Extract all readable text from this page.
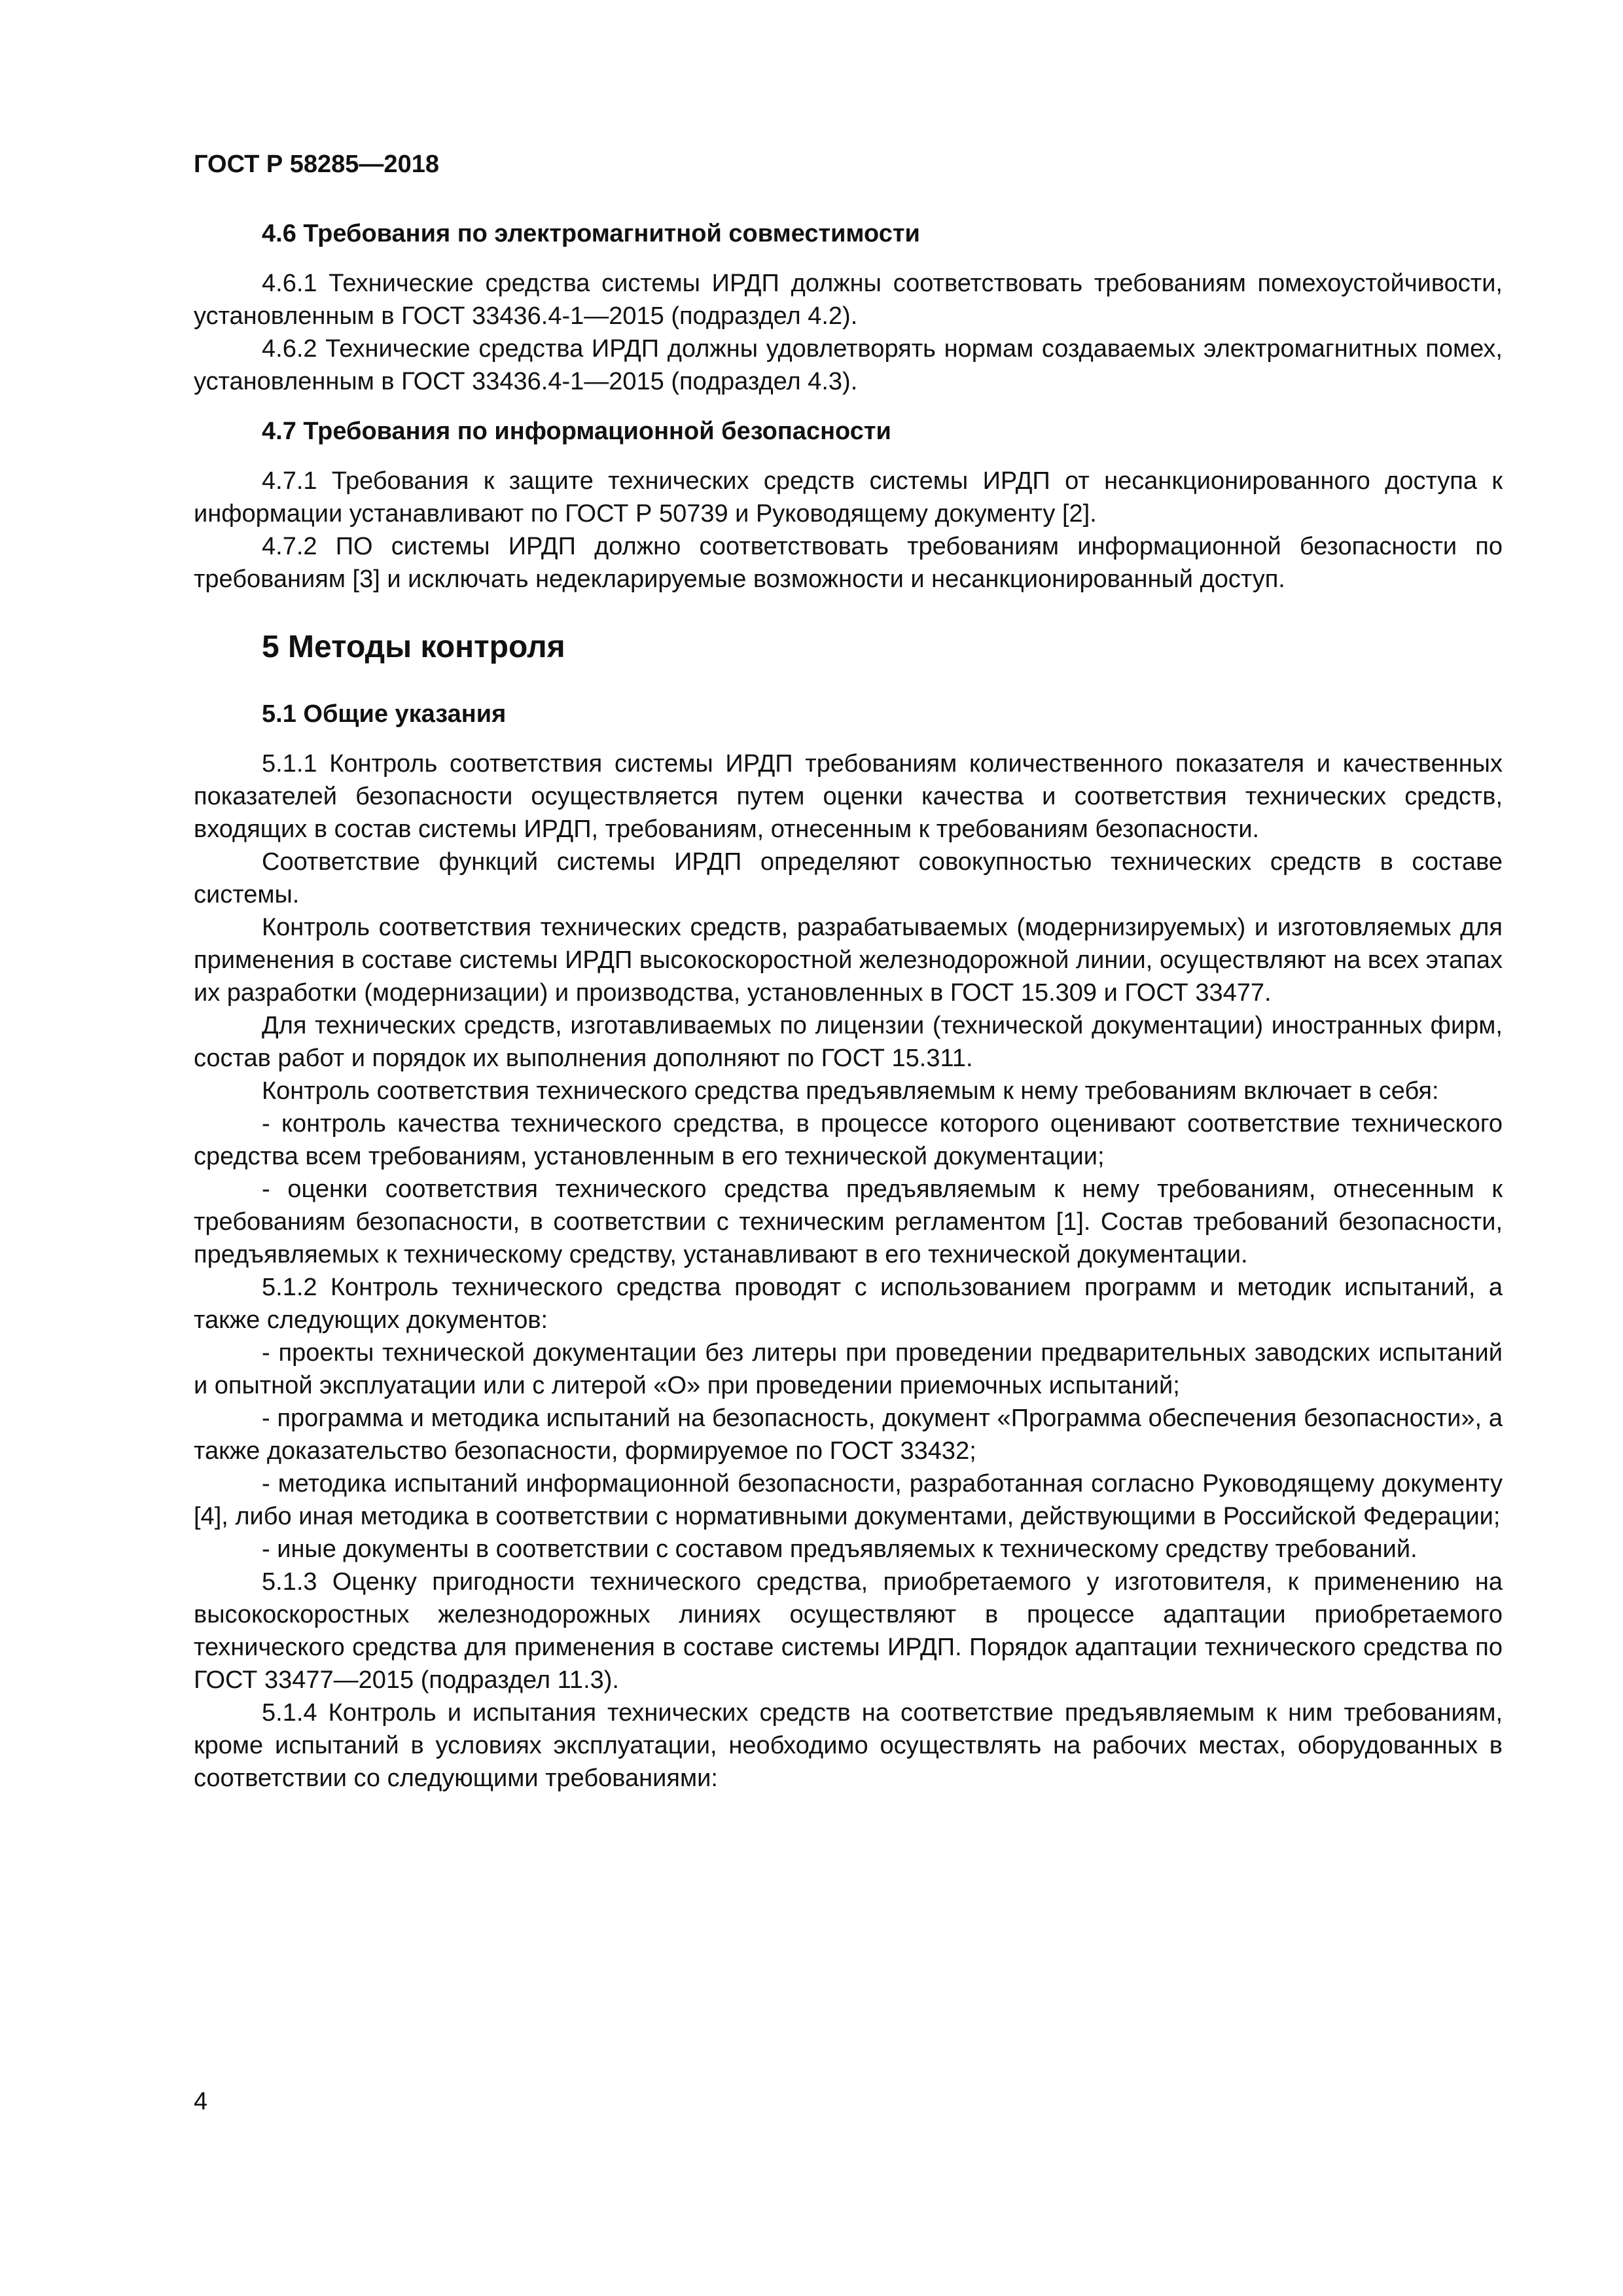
ГОСТ Р 58285—2018
4.6 Требования по электромагнитной совместимости

4.6.1 Технические средства системы ИРДП должны соответствовать требованиям помехоустойчивости, установленным в ГОСТ 33436.4-1—2015 (подраздел 4.2).

4.6.2 Технические средства ИРДП должны удовлетворять нормам создаваемых электромагнитных помех, установленным в ГОСТ 33436.4-1—2015 (подраздел 4.3).

4.7 Требования по информационной безопасности

4.7.1 Требования к защите технических средств системы ИРДП от несанкционированного доступа к информации устанавливают по ГОСТ Р 50739 и Руководящему документу [2].

4.7.2 ПО системы ИРДП должно соответствовать требованиям информационной безопасности по требованиям [3] и исключать недекларируемые возможности и несанкционированный доступ.

5 Методы контроля
5.1 Общие указания

5.1.1 Контроль соответствия системы ИРДП требованиям количественного показателя и качественных показателей безопасности осуществляется путем оценки качества и соответствия технических средств, входящих в состав системы ИРДП, требованиям, отнесенным к требованиям безопасности.

Соответствие функций системы ИРДП определяют совокупностью технических средств в составе системы.

Контроль соответствия технических средств, разрабатываемых (модернизируемых) и изготовляемых для применения в составе системы ИРДП высокоскоростной железнодорожной линии, осуществляют на всех этапах их разработки (модернизации) и производства, установленных в ГОСТ 15.309 и ГОСТ 33477.

Для технических средств, изготавливаемых по лицензии (технической документации) иностранных фирм, состав работ и порядок их выполнения дополняют по ГОСТ 15.311.

Контроль соответствия технического средства предъявляемым к нему требованиям включает в себя:

- контроль качества технического средства, в процессе которого оценивают соответствие технического средства всем требованиям, установленным в его технической документации;

- оценки соответствия технического средства предъявляемым к нему требованиям, отнесенным к требованиям безопасности, в соответствии с техническим регламентом [1]. Состав требований безопасности, предъявляемых к техническому средству, устанавливают в его технической документации.

5.1.2 Контроль технического средства проводят с использованием программ и методик испытаний, а также следующих документов:

- проекты технической документации без литеры при проведении предварительных заводских испытаний и опытной эксплуатации или с литерой «О» при проведении приемочных испытаний;

- программа и методика испытаний на безопасность, документ «Программа обеспечения безопасности», а также доказательство безопасности, формируемое по ГОСТ 33432;

- методика испытаний информационной безопасности, разработанная согласно Руководящему документу [4], либо иная методика в соответствии с нормативными документами, действующими в Российской Федерации;

- иные документы в соответствии с составом предъявляемых к техническому средству требований.

5.1.3 Оценку пригодности технического средства, приобретаемого у изготовителя, к применению на высокоскоростных железнодорожных линиях осуществляют в процессе адаптации приобретаемого технического средства для применения в составе системы ИРДП. Порядок адаптации технического средства по ГОСТ 33477—2015 (подраздел 11.3).

5.1.4 Контроль и испытания технических средств на соответствие предъявляемым к ним требованиям, кроме испытаний в условиях эксплуатации, необходимо осуществлять на рабочих местах, оборудованных в соответствии со следующими требованиями:

4
